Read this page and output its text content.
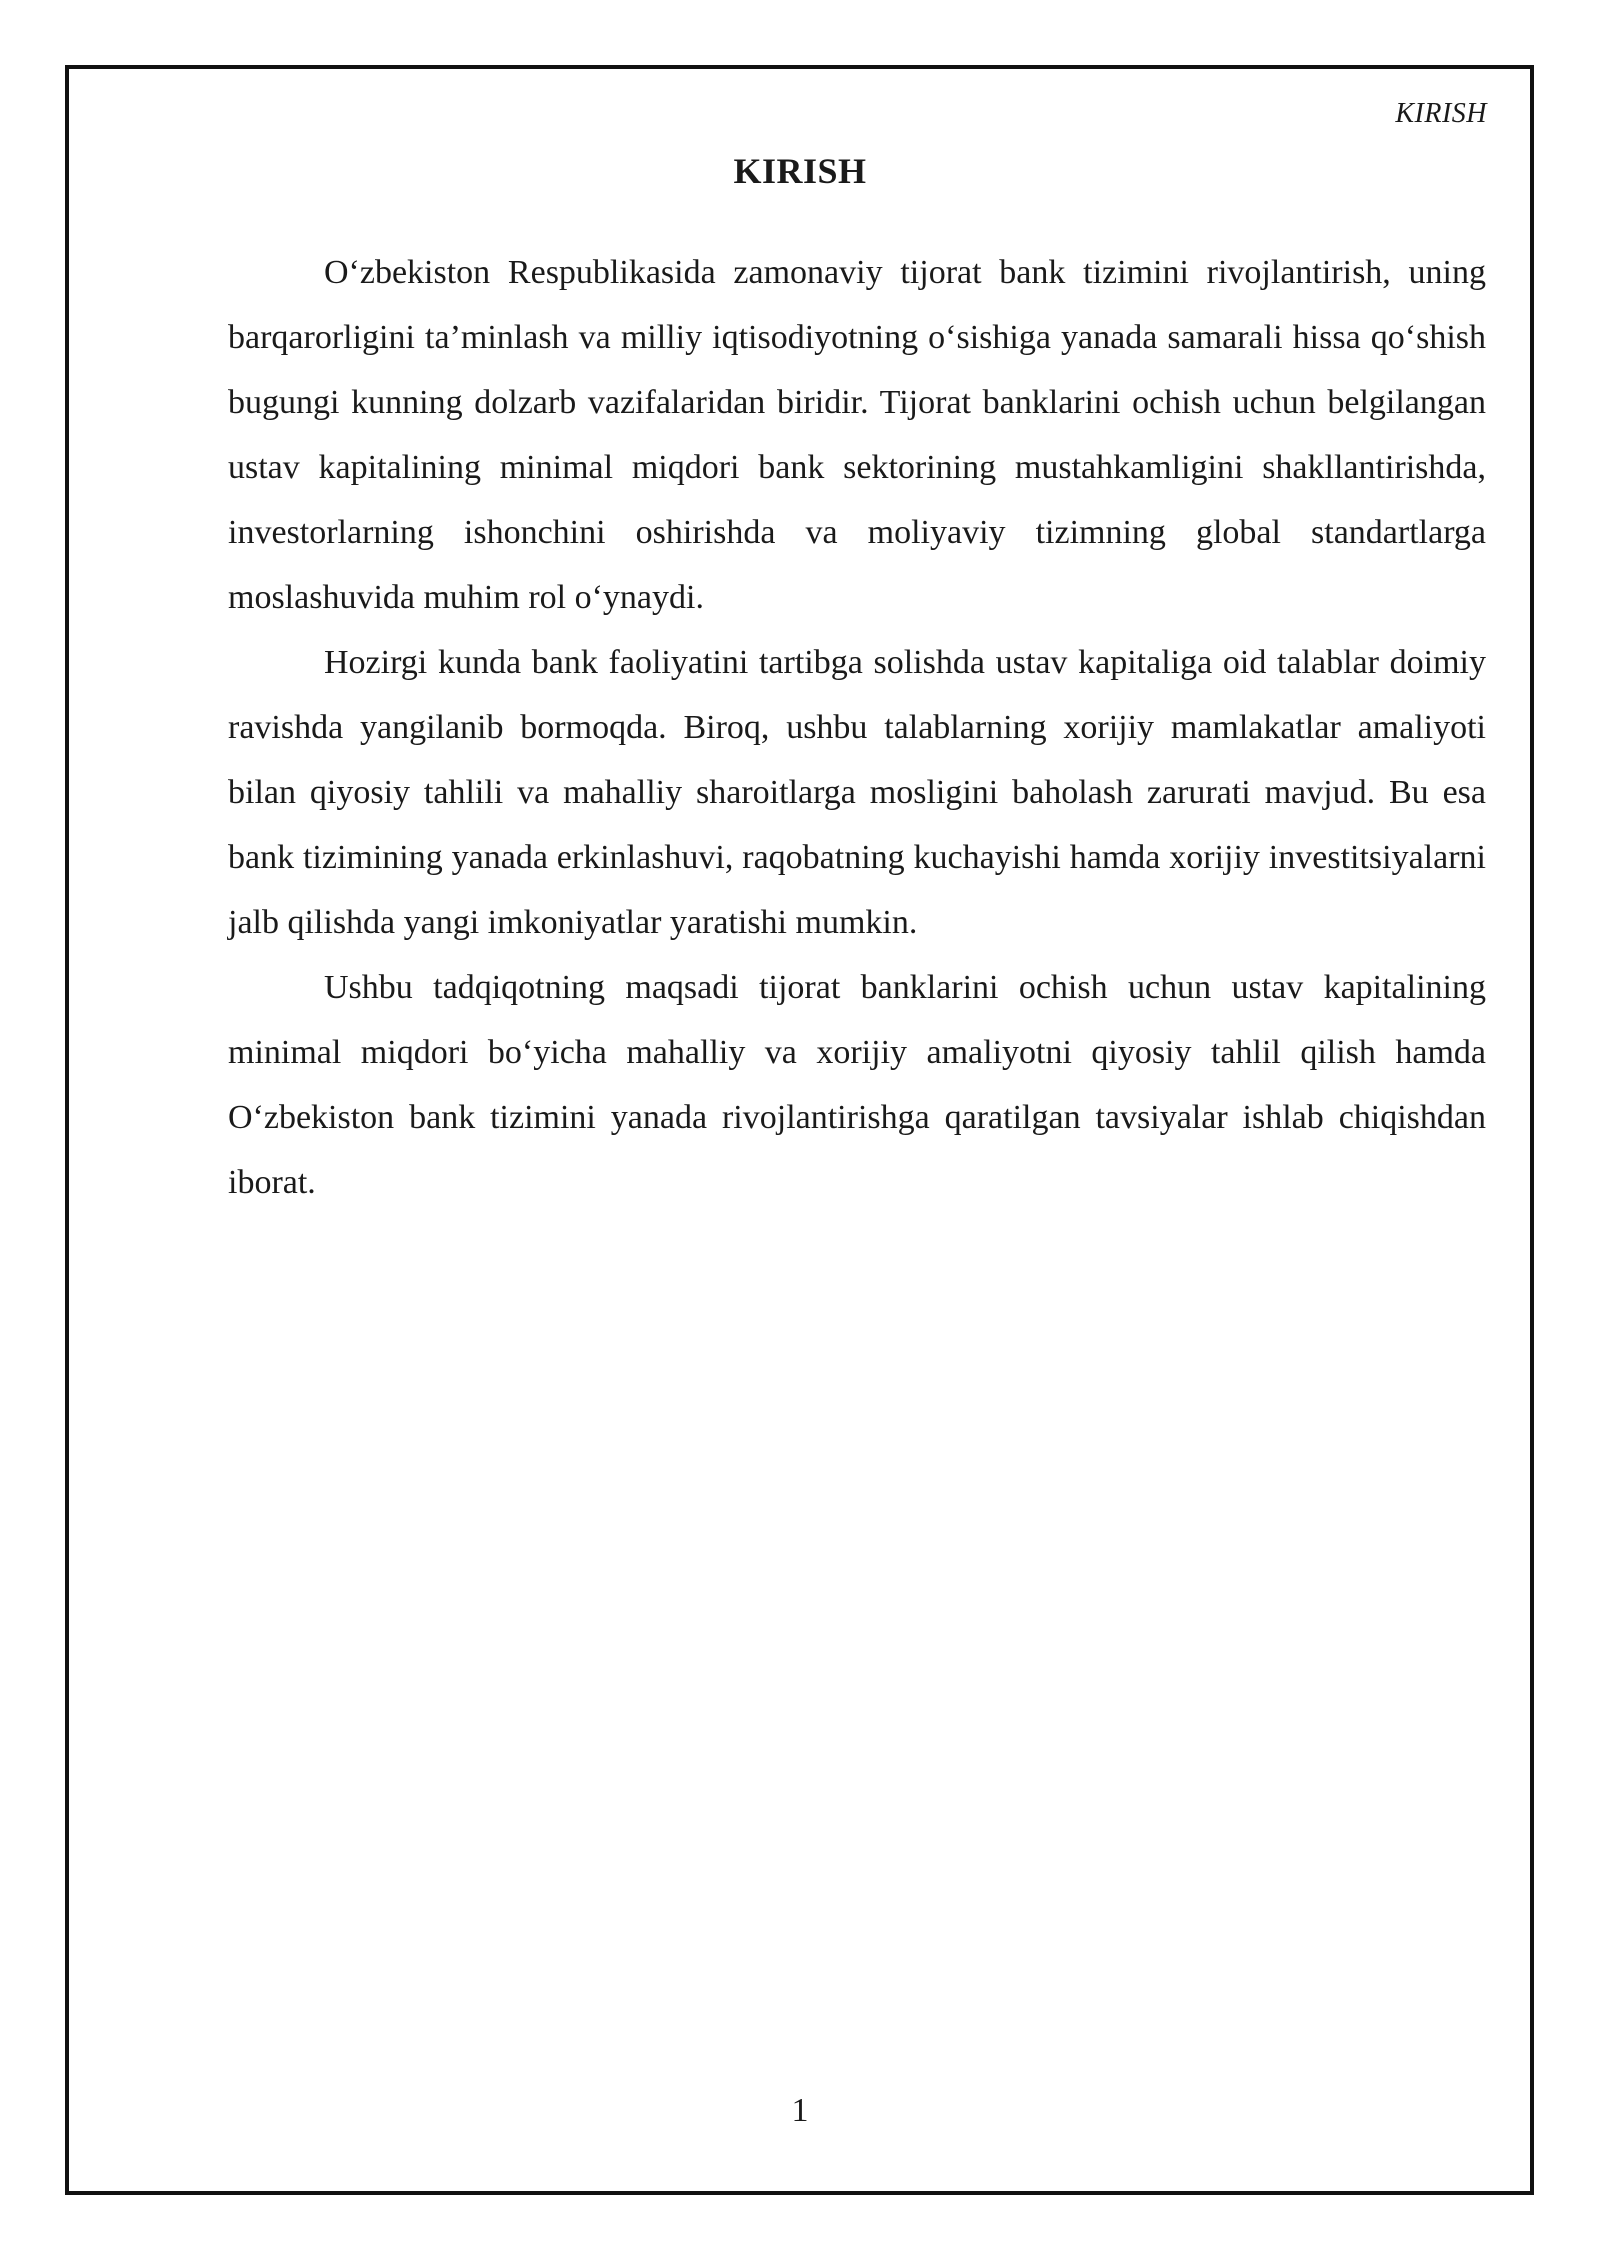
KIRISH
KIRISH

O‘zbekiston Respublikasida zamonaviy tijorat bank tizimini rivojlantirish, uning barqarorligini ta’minlash va milliy iqtisodiyotning o‘sishiga yanada samarali hissa qo‘shish bugungi kunning dolzarb vazifalaridan biridir. Tijorat banklarini ochish uchun belgilangan ustav kapitalining minimal miqdori bank sektorining mustahkamligini shakllantirishda, investorlarning ishonchini oshirishda va moliyaviy tizimning global standartlarga moslashuvida muhim rol o‘ynaydi.

Hozirgi kunda bank faoliyatini tartibga solishda ustav kapitaliga oid talablar doimiy ravishda yangilanib bormoqda. Biroq, ushbu talablarning xorijiy mamlakatlar amaliyoti bilan qiyosiy tahlili va mahalliy sharoitlarga mosligini baholash zarurati mavjud. Bu esa bank tizimining yanada erkinlashuvi, raqobatning kuchayishi hamda xorijiy investitsiyalarni jalb qilishda yangi imkoniyatlar yaratishi mumkin.

Ushbu tadqiqotning maqsadi tijorat banklarini ochish uchun ustav kapitalining minimal miqdori bo‘yicha mahalliy va xorijiy amaliyotni qiyosiy tahlil qilish hamda O‘zbekiston bank tizimini yanada rivojlantirishga qaratilgan tavsiyalar ishlab chiqishdan iborat.

1
